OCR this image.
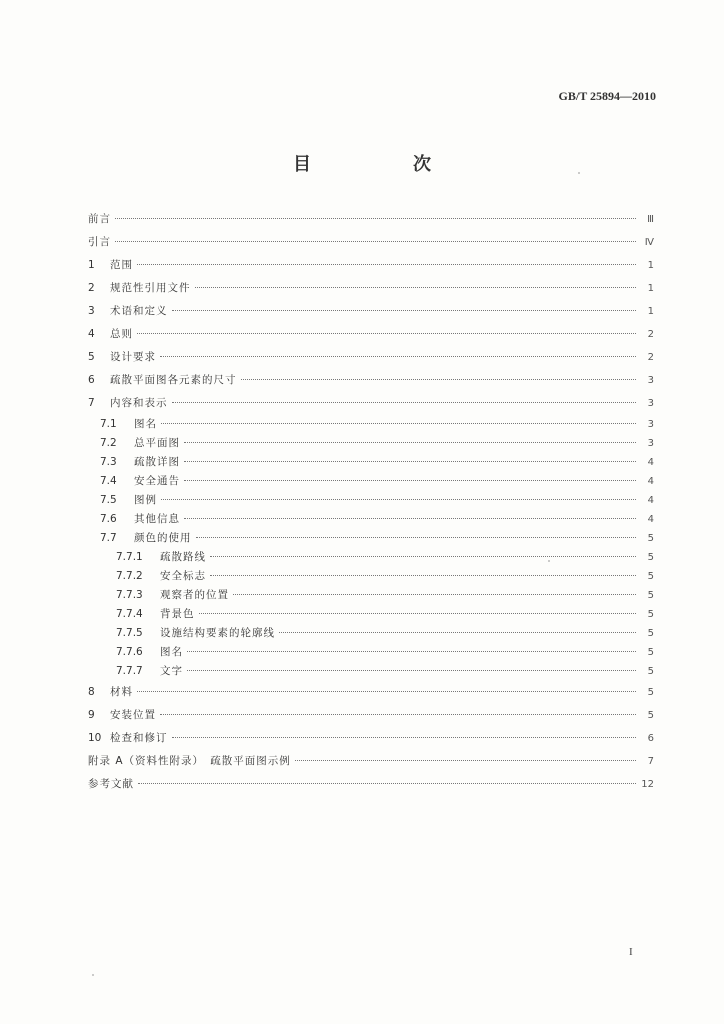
GB/T 25894—2010
目　次
前言	Ⅲ
引言	Ⅳ
1	范围	1
2	规范性引用文件	1
3	术语和定义	1
4	总则	2
5	设计要求	2
6	疏散平面图各元素的尺寸	3
7	内容和表示	3
7.1	图名	3
7.2	总平面图	3
7.3	疏散详图	4
7.4	安全通告	4
7.5	图例	4
7.6	其他信息	4
7.7	颜色的使用	5
7.7.1	疏散路线	5
7.7.2	安全标志	5
7.7.3	观察者的位置	5
7.7.4	背景色	5
7.7.5	设施结构要素的轮廓线	5
7.7.6	图名	5
7.7.7	文字	5
8	材料	5
9	安装位置	5
10 检查和修订	6
附录 A（资料性附录）　疏散平面图示例	7
参考文献	12
I
